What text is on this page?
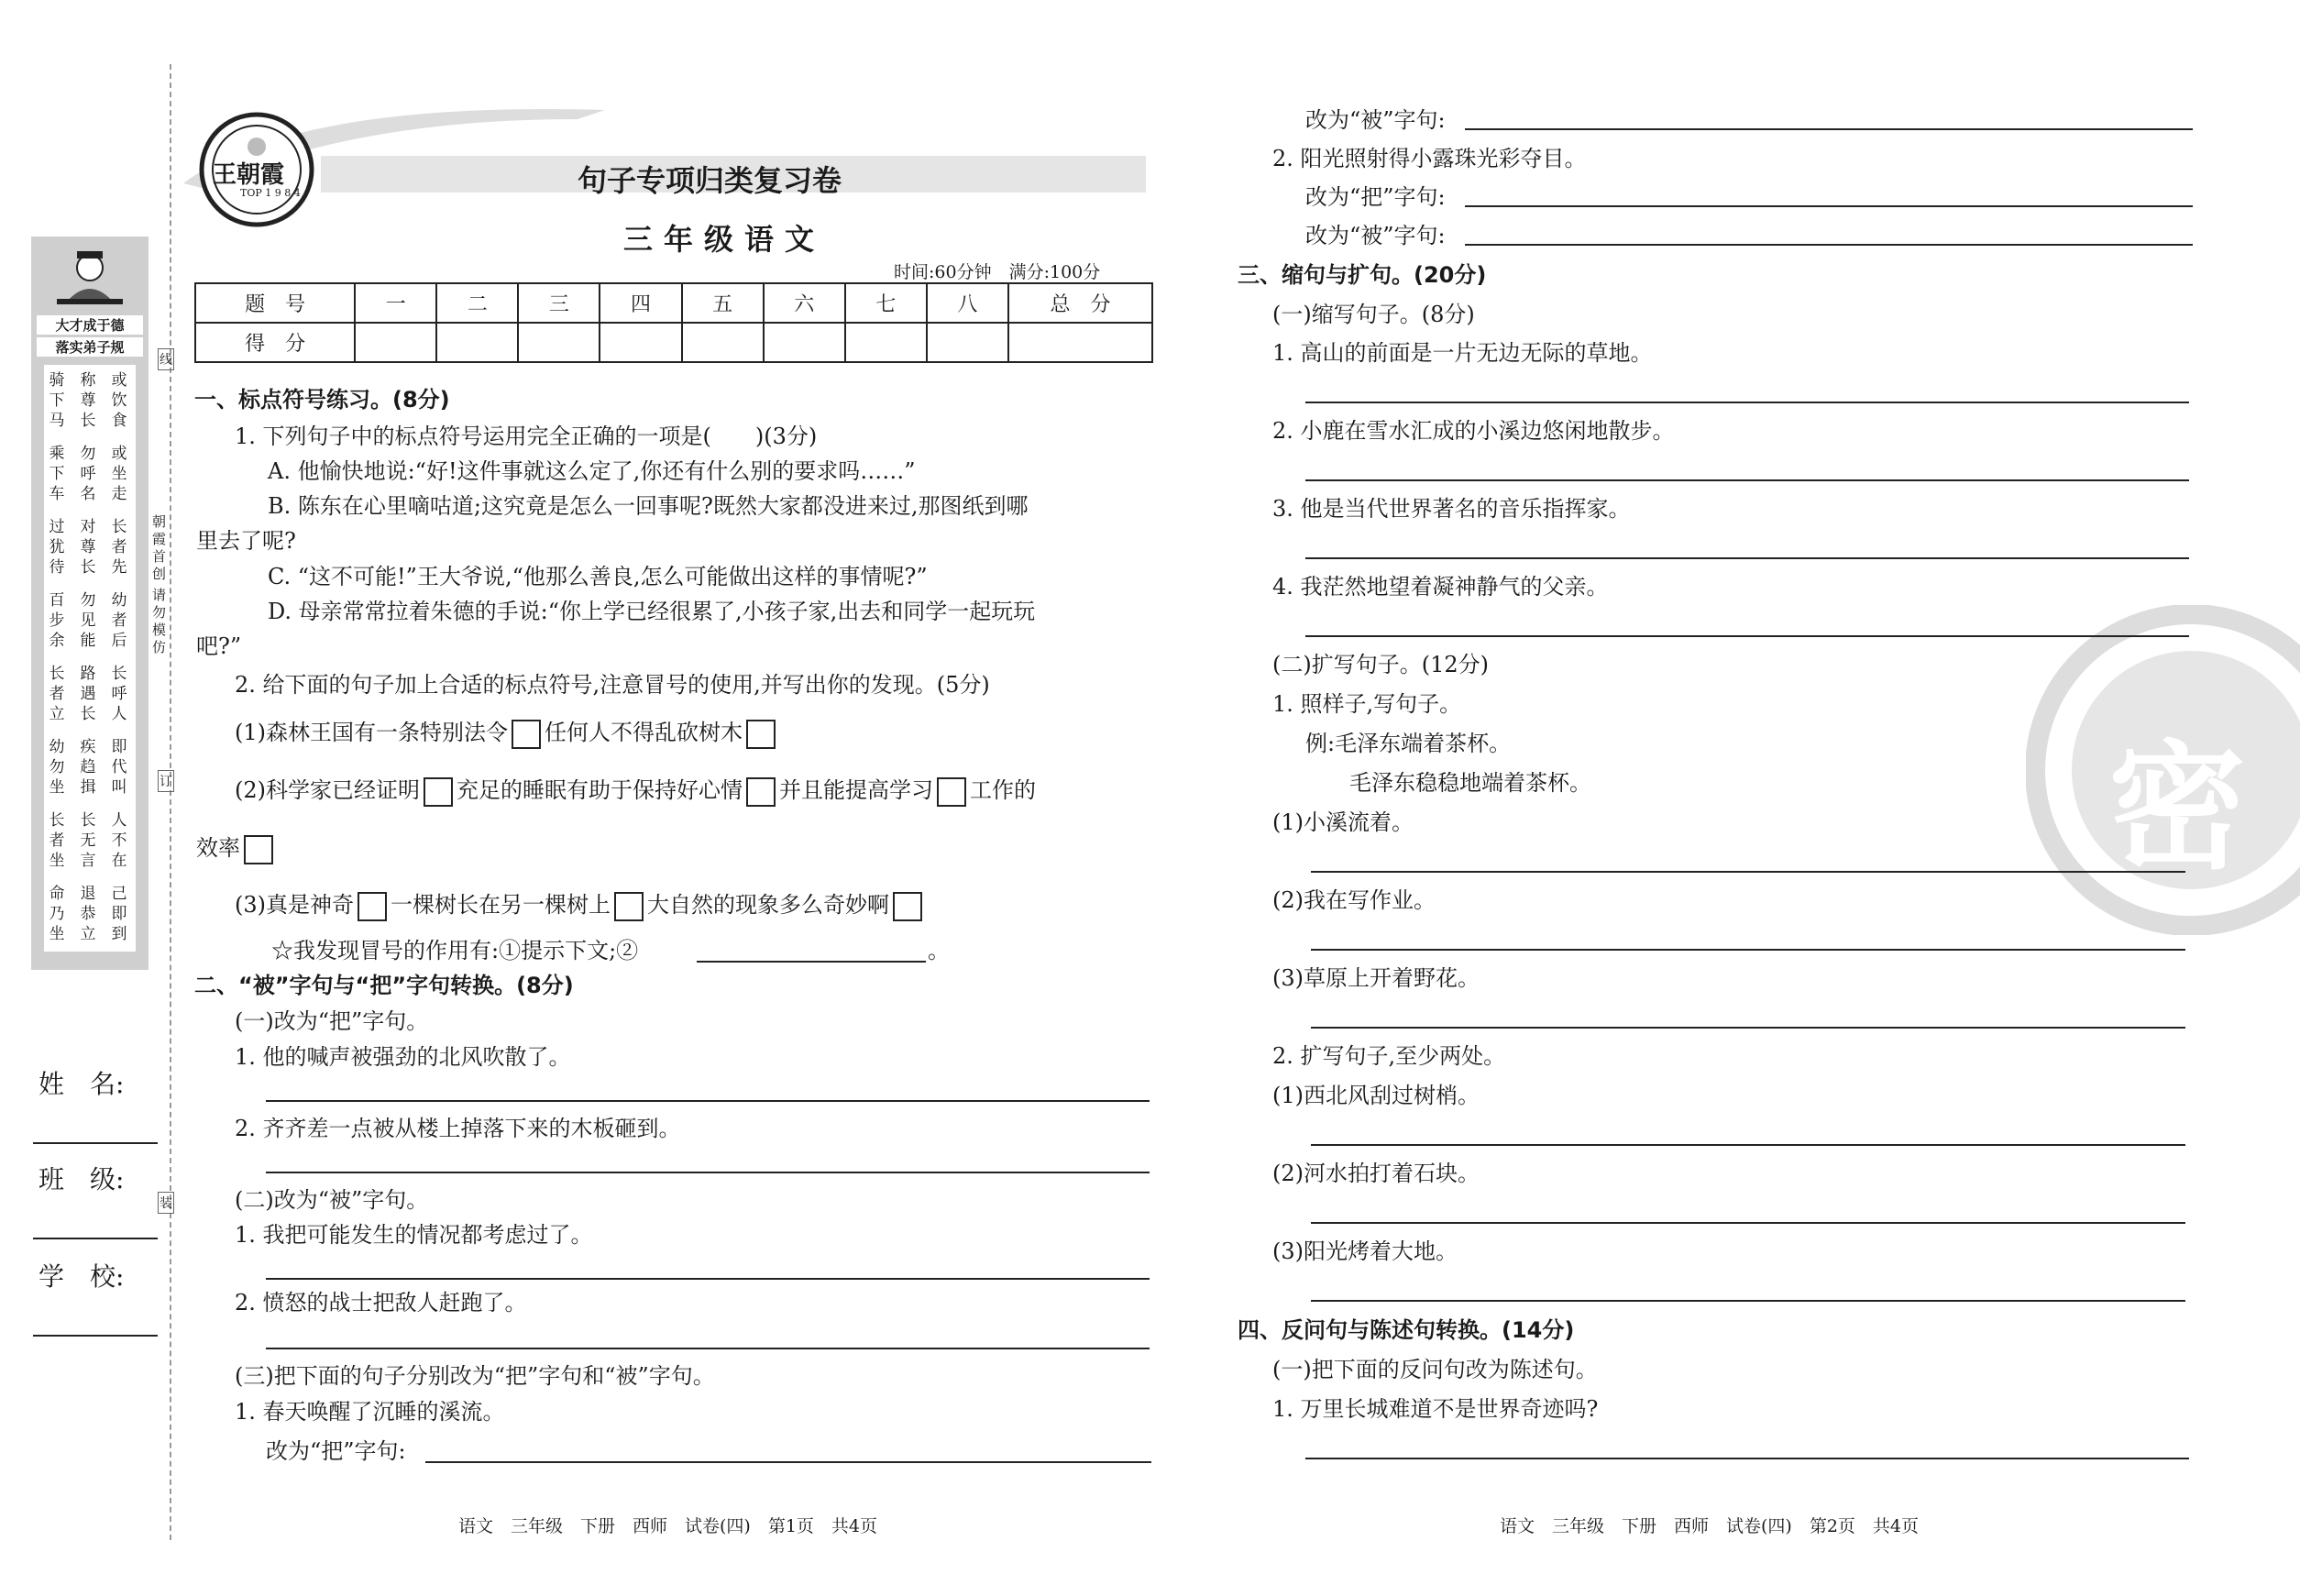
大才成于德
落实弟子规
骑下马
称尊长
或饮食
乘下车
勿呼名
或坐走
过犹待
对尊长
长者先
百步余
勿见能
幼者后
长者立
路遇长
长呼人
幼勿坐
疾趋揖
即代叫
长者坐
长无言
人不在
命乃坐
退恭立
己即到
线
订
装
朝霞首创
请勿模仿
姓　名:
班　级:
学　校:
王朝霞
TOP 1 9 8 4	句子专项归类复习卷
三年级语文
时间:60分钟　满分:100分
题　号	一	二	三	四	五	六	七	八	总　分
得　分									
一、标点符号练习。(8分)
1. 下列句子中的标点符号运用完全正确的一项是(　　)(3分)
A. 他愉快地说:“好!这件事就这么定了,你还有什么别的要求吗……”
B. 陈东在心里嘀咕道;这究竟是怎么一回事呢?既然大家都没进来过,那图纸到哪
里去了呢?
C. “这不可能!”王大爷说,“他那么善良,怎么可能做出这样的事情呢?”
D. 母亲常常拉着朱德的手说:“你上学已经很累了,小孩子家,出去和同学一起玩玩
吧?”
2. 给下面的句子加上合适的标点符号,注意冒号的使用,并写出你的发现。(5分)
(1)森林王国有一条特别法令 任何人不得乱砍树木
(2)科学家已经证明 充足的睡眠有助于保持好心情 并且能提高学习 工作的
效率
(3)真是神奇 一棵树长在另一棵树上 大自然的现象多么奇妙啊
☆我发现冒号的作用有:①提示下文;②	。
二、“被”字句与“把”字句转换。(8分)
(一)改为“把”字句。
1. 他的喊声被强劲的北风吹散了。
2. 齐齐差一点被从楼上掉落下来的木板砸到。
(二)改为“被”字句。
1. 我把可能发生的情况都考虑过了。
2. 愤怒的战士把敌人赶跑了。
(三)把下面的句子分别改为“把”字句和“被”字句。
1. 春天唤醒了沉睡的溪流。
改为“把”字句:
语文　三年级　下册　西师　试卷(四)　第1页　共4页
密
改为“被”字句:
2. 阳光照射得小露珠光彩夺目。
改为“把”字句:
改为“被”字句:
三、缩句与扩句。(20分)
(一)缩写句子。(8分)
1. 高山的前面是一片无边无际的草地。
2. 小鹿在雪水汇成的小溪边悠闲地散步。
3. 他是当代世界著名的音乐指挥家。
4. 我茫然地望着凝神静气的父亲。
(二)扩写句子。(12分)
1. 照样子,写句子。
例:毛泽东端着茶杯。
毛泽东稳稳地端着茶杯。
(1)小溪流着。
(2)我在写作业。
(3)草原上开着野花。
2. 扩写句子,至少两处。
(1)西北风刮过树梢。
(2)河水拍打着石块。
(3)阳光烤着大地。
四、反问句与陈述句转换。(14分)
(一)把下面的反问句改为陈述句。
1. 万里长城难道不是世界奇迹吗?
语文　三年级　下册　西师　试卷(四)　第2页　共4页
